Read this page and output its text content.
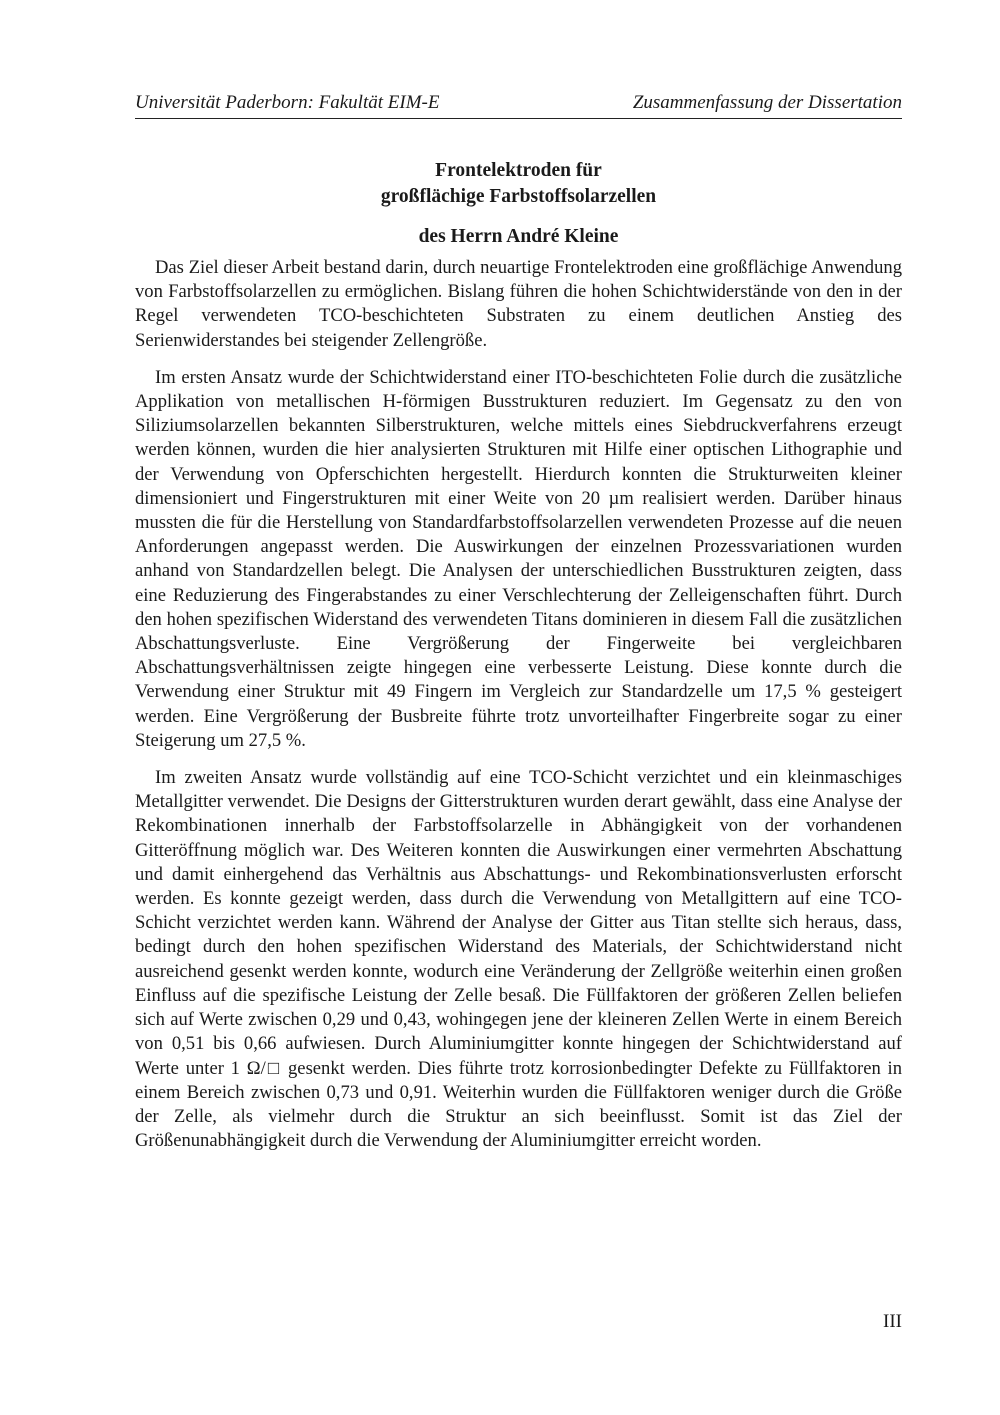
Universität Paderborn: Fakultät EIM-E	Zusammenfassung der Dissertation
Frontelektroden für
großflächige Farbstoffsolarzellen
des Herrn André Kleine

Das Ziel dieser Arbeit bestand darin, durch neuartige Frontelektroden eine großflächige Anwendung von Farbstoffsolarzellen zu ermöglichen. Bislang führen die hohen Schichtwiderstände von den in der Regel verwendeten TCO-beschichteten Substraten zu einem deutlichen Anstieg des Serienwiderstandes bei steigender Zellengröße.

Im ersten Ansatz wurde der Schichtwiderstand einer ITO-beschichteten Folie durch die zusätzliche Applikation von metallischen H-förmigen Busstrukturen reduziert. Im Gegensatz zu den von Siliziumsolarzellen bekannten Silberstrukturen, welche mittels eines Siebdruckverfahrens erzeugt werden können, wurden die hier analysierten Strukturen mit Hilfe einer optischen Lithographie und der Verwendung von Opferschichten hergestellt. Hierdurch konnten die Strukturweiten kleiner dimensioniert und Fingerstrukturen mit einer Weite von 20 µm realisiert werden. Darüber hinaus mussten die für die Herstellung von Standardfarbstoffsolarzellen verwendeten Prozesse auf die neuen Anforderungen angepasst werden. Die Auswirkungen der einzelnen Prozessvariationen wurden anhand von Standardzellen belegt. Die Analysen der unterschiedlichen Busstrukturen zeigten, dass eine Reduzierung des Fingerabstandes zu einer Verschlechterung der Zelleigenschaften führt. Durch den hohen spezifischen Widerstand des verwendeten Titans dominieren in diesem Fall die zusätzlichen Abschattungsverluste. Eine Vergrößerung der Fingerweite bei vergleichbaren Abschattungsverhältnissen zeigte hingegen eine verbesserte Leistung. Diese konnte durch die Verwendung einer Struktur mit 49 Fingern im Vergleich zur Standardzelle um 17,5 % gesteigert werden. Eine Vergrößerung der Busbreite führte trotz unvorteilhafter Fingerbreite sogar zu einer Steigerung um 27,5 %.

Im zweiten Ansatz wurde vollständig auf eine TCO-Schicht verzichtet und ein kleinmaschiges Metallgitter verwendet. Die Designs der Gitterstrukturen wurden derart gewählt, dass eine Analyse der Rekombinationen innerhalb der Farbstoffsolarzelle in Abhängigkeit von der vorhandenen Gitteröffnung möglich war. Des Weiteren konnten die Auswirkungen einer vermehrten Abschattung und damit einhergehend das Verhältnis aus Abschattungs- und Rekombinationsverlusten erforscht werden. Es konnte gezeigt werden, dass durch die Verwendung von Metallgittern auf eine TCO-Schicht verzichtet werden kann. Während der Analyse der Gitter aus Titan stellte sich heraus, dass, bedingt durch den hohen spezifischen Widerstand des Materials, der Schichtwiderstand nicht ausreichend gesenkt werden konnte, wodurch eine Veränderung der Zellgröße weiterhin einen großen Einfluss auf die spezifische Leistung der Zelle besaß. Die Füllfaktoren der größeren Zellen beliefen sich auf Werte zwischen 0,29 und 0,43, wohingegen jene der kleineren Zellen Werte in einem Bereich von 0,51 bis 0,66 aufwiesen. Durch Aluminiumgitter konnte hingegen der Schichtwiderstand auf Werte unter 1 Ω/□ gesenkt werden. Dies führte trotz korrosionbedingter Defekte zu Füllfaktoren in einem Bereich zwischen 0,73 und 0,91. Weiterhin wurden die Füllfaktoren weniger durch die Größe der Zelle, als vielmehr durch die Struktur an sich beeinflusst. Somit ist das Ziel der Größenunabhängigkeit durch die Verwendung der Aluminiumgitter erreicht worden.

III
